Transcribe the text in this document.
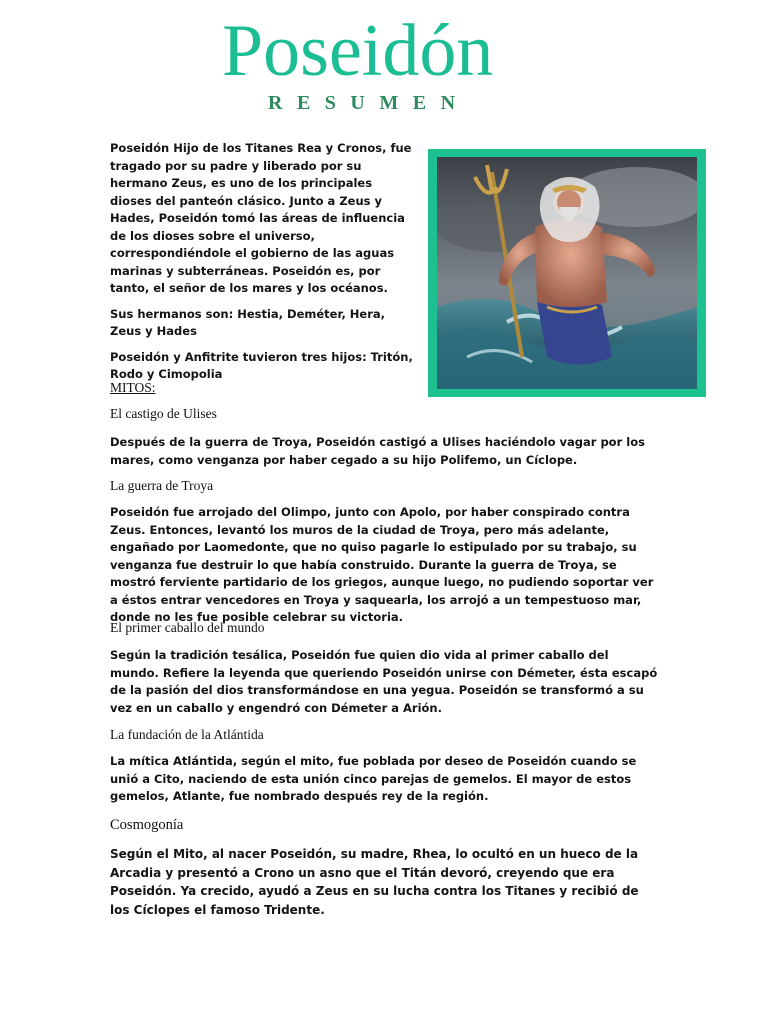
Poseidón
RESUMEN

Poseidón Hijo de los Titanes Rea y Cronos, fue tragado por su padre y liberado por su hermano Zeus, es uno de los principales dioses del panteón clásico. Junto a Zeus y Hades, Poseidón tomó las áreas de influencia de los dioses sobre el universo, correspondiéndole el gobierno de las aguas marinas y subterráneas. Poseidón es, por tanto, el señor de los mares y los océanos.

Sus hermanos son: Hestia, Deméter, Hera, Zeus y Hades

Poseidón y Anfitrite tuvieron tres hijos: Tritón, Rodo y Cimopolia

MITOS:
El castigo de Ulises

Después de la guerra de Troya, Poseidón castigó a Ulises haciéndolo vagar por los mares, como venganza por haber cegado a su hijo Polifemo, un Cíclope.

La guerra de Troya

Poseidón fue arrojado del Olimpo, junto con Apolo, por haber conspirado contra Zeus. Entonces, levantó los muros de la ciudad de Troya, pero más adelante, engañado por Laomedonte, que no quiso pagarle lo estipulado por su trabajo, su venganza fue destruir lo que había construido. Durante la guerra de Troya, se mostró ferviente partidario de los griegos, aunque luego, no pudiendo soportar ver a éstos entrar vencedores en Troya y saquearla, los arrojó a un tempestuoso mar, donde no les fue posible celebrar su victoria.

El primer caballo del mundo

Según la tradición tesálica, Poseidón fue quien dio vida al primer caballo del mundo. Refiere la leyenda que queriendo Poseidón unirse con Démeter, ésta escapó de la pasión del dios transformándose en una yegua. Poseidón se transformó a su vez en un caballo y engendró con Démeter a Arión.

La fundación de la Atlántida

La mítica Atlántida, según el mito, fue poblada por deseo de Poseidón cuando se unió a Cito, naciendo de esta unión cinco parejas de gemelos. El mayor de estos gemelos, Atlante, fue nombrado después rey de la región.

Cosmogonía

Según el Mito, al nacer Poseidón, su madre, Rhea, lo ocultó en un hueco de la Arcadia y presentó a Crono un asno que el Titán devoró, creyendo que era Poseidón. Ya crecido, ayudó a Zeus en su lucha contra los Titanes y recibió de los Cíclopes el famoso Tridente.
